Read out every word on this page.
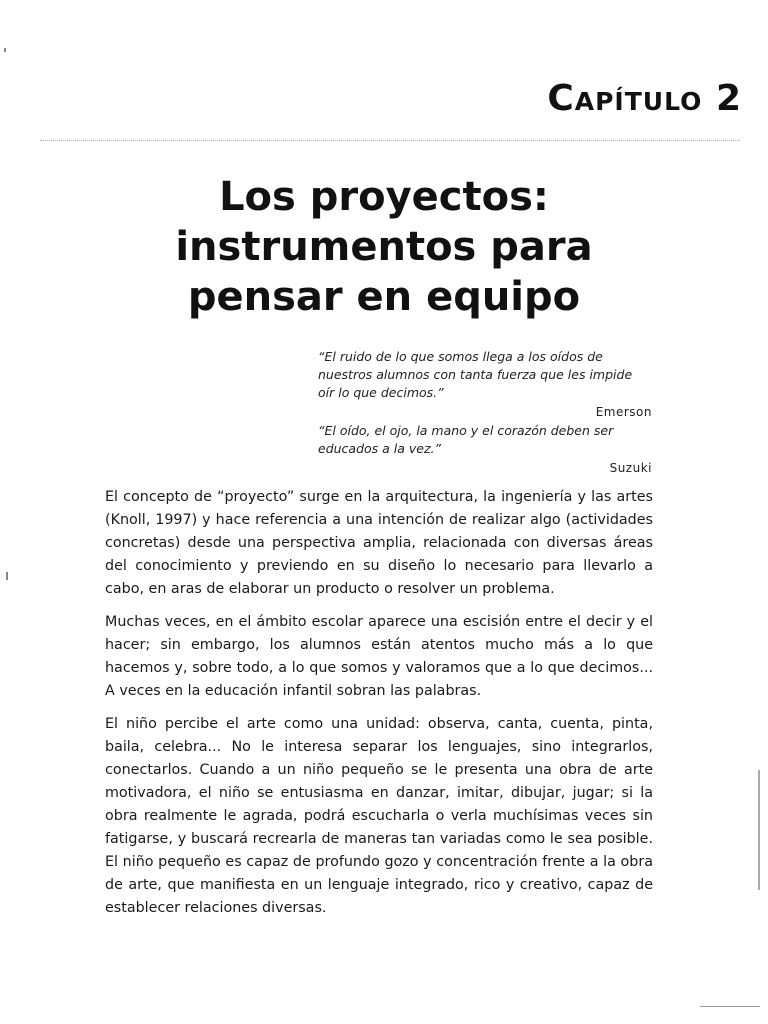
Capítulo 2
Los proyectos:
instrumentos para
pensar en equipo
“El ruido de lo que somos llega a los oídos de nuestros alumnos con tanta fuerza que les impide oír lo que decimos.”
Emerson
“El oído, el ojo, la mano y el corazón deben ser educados a la vez.”
Suzuki

El concepto de “proyecto” surge en la arquitectura, la ingeniería y las artes (Knoll, 1997) y hace referencia a una intención de realizar algo (actividades concretas) desde una perspectiva amplia, relacionada con diversas áreas del conocimiento y previendo en su diseño lo necesario para llevarlo a cabo, en aras de elaborar un producto o resolver un problema.

Muchas veces, en el ámbito escolar aparece una escisión entre el decir y el hacer; sin embargo, los alumnos están atentos mucho más a lo que hacemos y, sobre todo, a lo que somos y valoramos que a lo que decimos... A veces en la educación infantil sobran las palabras.

El niño percibe el arte como una unidad: observa, canta, cuenta, pinta, baila, celebra... No le interesa separar los lenguajes, sino integrarlos, conectarlos. Cuando a un niño pequeño se le presenta una obra de arte motivadora, el niño se entusiasma en danzar, imitar, dibujar, jugar; si la obra realmente le agrada, podrá escucharla o verla muchísimas veces sin fatigarse, y buscará recrearla de maneras tan variadas como le sea posible. El niño pequeño es capaz de profundo gozo y concentración frente a la obra de arte, que manifiesta en un lenguaje integrado, rico y creativo, capaz de establecer relaciones diversas.
